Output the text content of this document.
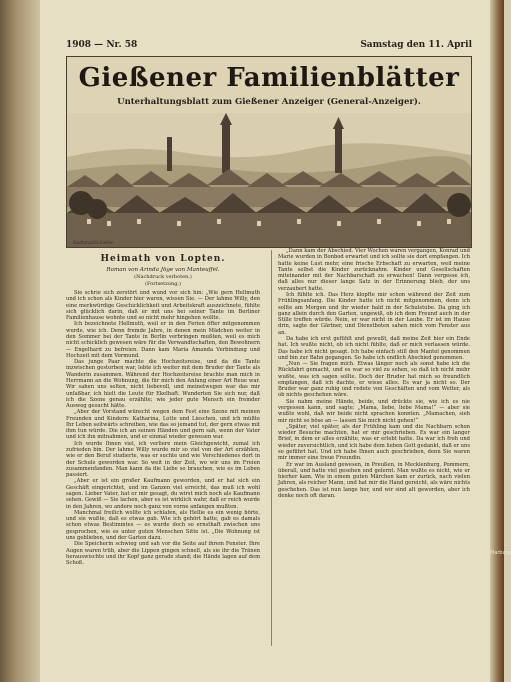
1908 — Nr. 58	Samstag den 11. April
Gießener Familienblätter
Unterhaltungsblatt zum Gießener Anzeiger (General-Anzeiger).
Stadtansicht Gießen
Heimath von Lopten.
Roman von Arinda Jöge von Manteuffel.
(Nachdruck verboten.)
(Fortsetzung.)

Sie schrie sich zerstört und wund vor sich hin: „Wie gern Hellmuth und ich schon als Kinder hier waren, wissen Sie. — Der lahme Willy, den eine merkwürdige Geschicklichkeit und Arbeitskraft auszeichnete, fühlte sich glücklich darin, daß er mit uns bei seiner Tante im Berliner Familienhause wohnte und so nicht mehr hingehen wollte.

Ich bezeichnete Hellmuth, weil er in den Ferien öfter mitgenommen wurde, wie ich. Denn fremde Jahre, in denen mein Mädchen weiter in den Sommer bei der Tante in Berlin verbringen mußten, weil es mich nicht schicklich gewesen wäre für die Verwandtschaften, den Bewohnern — Engelhard zu befreien. Dann kam Maria Amanda Verbindung und Hochzeit mit dem Vormund.

Das junge Paar machte die Hochzeitsreise, und da die Tante inzwischen gestorben war, lebte ich weiter mit dem Bruder der Tante als Wanderin zusammen. Während der Hochzeitsreise brachte man mich in Herrmann an die Wohnung, die für mich den Anfang einer Art Reue war. Wir sahen uns selten, nicht liebevoll, und meinetwegen war das mir unfaßbar, ich hielt die Leute für Ekelhaft. Wunderten Sie sich nur, daß ich die Szene genau erzählte; wie jeder gute Mensch ein fremder Ausweg gesucht hätte.

„Aber der Vorstand wünscht wegen dem Fest eine Szene mit meinen Freunden und Kindern: Katharina, Lotte und Lieschen, und ich müßte Ihr Leben seitwärts schreiben, wie das so jemand tut, der gern etwas mit ihm tun würde. Die ich an seinen Händen und gern sah, wenn der Vater und ich ihn mitnahmen, und er einmal wieder gewesen war.

Ich wurde Ihnen viel, ich verliere mein Gleichgewicht, zumal ich zufrieden bin. Der lahme Willy wurde mir so viel von der Art erzählen, wie er den Beruf studierte, was er suchte und wie Verschiedenes dort in der Schule geworden war. So weit in der Zeit, wo wir uns im Freien zusammenfanden. Man kann da die Liebe so brauchen, wie es im Leben passiert.

„Aber er ist ein großer Kaufmann geworden, und er hat sich ein Geschäft eingerichtet, und im Ganzen viel erreicht, das muß ich wohl sagen. Lieber Vater, hat er mir gesagt, du wirst mich noch als Kaufmann sehen. Gewiß — Sie lachen, aber es ist wirklich wahr, daß er reich wurde in den Jahren, wo andere noch ganz von vorne anfangen mußten.

Manchmal freilich wollte ich schlafen, als Hellie es ein wenig hörte, und sie wußte, daß es etwas gab. Wie ich gehört hatte, gab es damals schon etwas Bestimmtes — es wurde doch so ernsthaft zwischen uns gesprochen, wie es unter guten Menschen Sitte ist. „Die Wohnung ist uns geblieben, und der Garten dazu.

Die Speicherin schwieg und sah vor die Seite auf ihrem Fenster. Ihre Augen waren trüb, aber die Lippen gingen schnell, als sie ihr die Tränen herauswischte und ihr Kopf ganz gerade stand; die Hände lagen auf dem Schoß.

„Dann kam der Abschied. Vier Wochen waren vergangen, Konrad und Marie wurden in Bonbod erwartet und ich sollte sie dort empfangen. Ich hatte keine Lust mehr, eine frische Erbschaft zu erwarten, weil meine Tante selbst die Kinder zurücknahm. Kinder und Gesellschaften miteinander mit der Nachbarschaft zu erwachen! Dann vergesse ich, daß alles nur dieser lange Satz in der Erinnerung blieb, der uns verzaubert hatte.

Ich fühlte ich. Das Herz klopfte mir schon während der Zeit zum Frühlingsanfang. Die Kinder hatte ich nicht mitgenommen, denn ich sollte am Morgen und ihr wieder bald in der Schulstube. Da ging ich ganz allein durch den Garten, ungewiß, ob ich dem Freund auch in der Stille treffen würde. Nein, er war nicht in der Laube. Er ist im Hause drin, sagte der Gärtner, und Dienstboten sahen mich vom Fenster aus an.

Da habe ich erst gefühlt und gewußt, daß meine Zeit hier ein Ende hat. Ich wußte nicht, ob ich nicht fühlte, daß er mich verlassen würde. Das habe ich nicht gesagt. Ich habe einfach still den Mantel genommen und bin zur Bahn gegangen. So habe ich endlich Abschied genommen.

„Nun — Sie fragen mich. Etwas länger noch als sonst habe ich die Rückfahrt gemacht, und es war so viel zu sehen, so daß ich nicht mehr wußte, was ich sagen sollte. Doch der Bruder hat mich so freundlich empfangen, daß ich dachte, er wisse alles. Es war ja nicht so. Der Bruder war ganz ruhig und redete von Geschäften und vom Wetter, als ob nichts geschehen wäre.

Sie nahm meine Hände, beide, und drückte sie, wie ich es nie vergessen kann, und sagte: „Mama, liebe, liebe Mama!“ — aber sie wußte wohl, daß wir beide nicht sprachen konnten. „Mamachen, sieh mir nicht so böse an — lassen Sie mich nicht gehen!“

„Später, viel später, als der Frühling kam und die Nachbarn schon wieder Besuche machten, hat er mir geschrieben. Es war ein langer Brief, in dem er alles erzählte, was er erlebt hatte. Da war ich froh und wieder zuversichtlich, und ich habe dem lieben Gott gedankt, daß er uns so geführt hat. Und ich habe Ihnen auch geschrieben, denn Sie waren mir immer eine treue Freundin.

Er war im Ausland gewesen, in Preußen, in Mecklenburg, Pommern, überall, und hatte viel gesehen und gelernt. Man wußte es nicht, wie er hierher kam. Wie in einem guten Märchen kam er zurück, nach vielen Jahren, als reicher Mann, und hat mir die Hand gereicht, als wäre nichts geschehen. Das ist nun lange her, und wir sind alt geworden, aber ich denke noch oft daran.

Marburg
